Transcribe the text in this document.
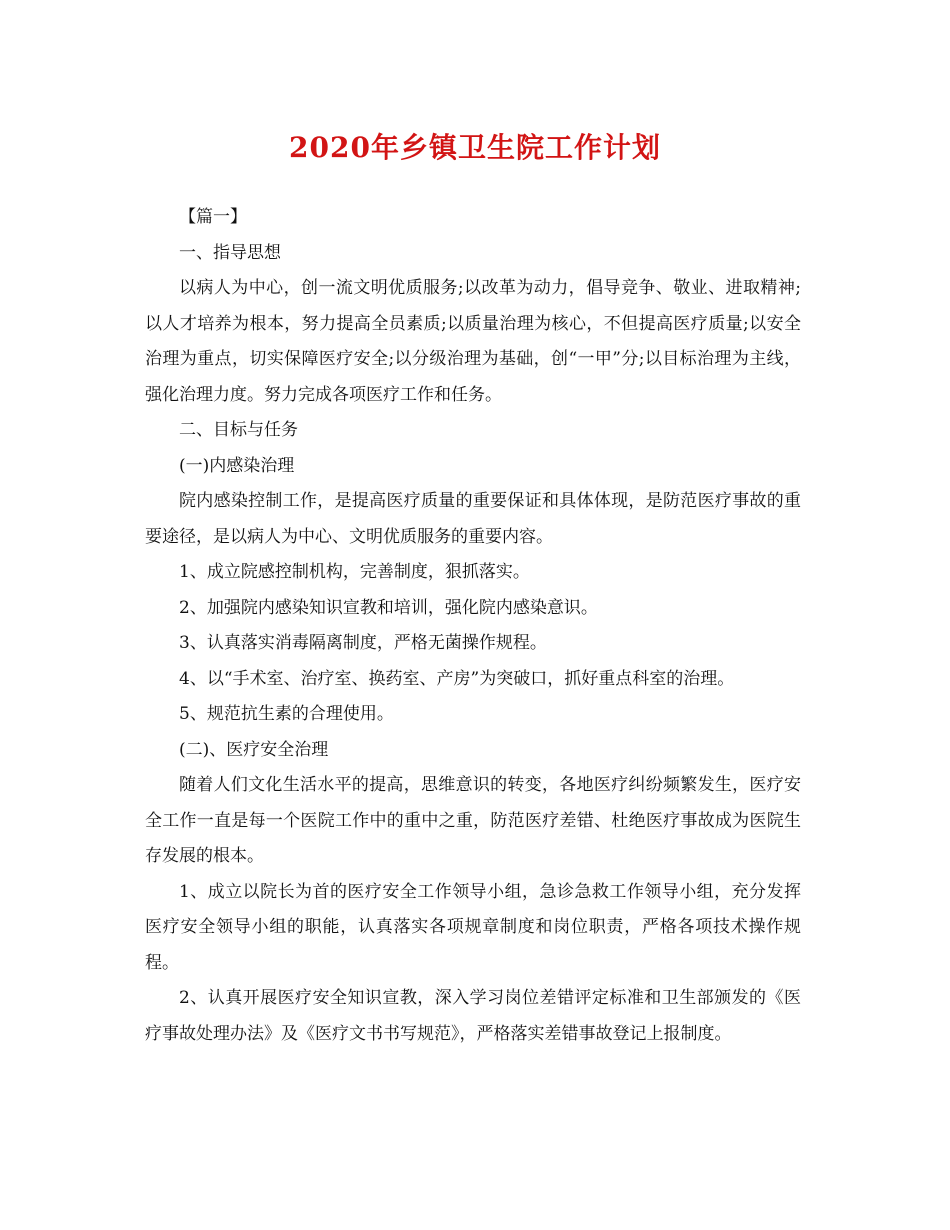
2020年乡镇卫生院工作计划

【篇一】

一、指导思想

以病人为中心，创一流文明优质服务;以改革为动力，倡导竞争、敬业、进取精神;以人才培养为根本，努力提高全员素质;以质量治理为核心，不但提高医疗质量;以安全治理为重点，切实保障医疗安全;以分级治理为基础，创“一甲”分;以目标治理为主线，强化治理力度。努力完成各项医疗工作和任务。

二、目标与任务

(一)内感染治理

院内感染控制工作，是提高医疗质量的重要保证和具体体现，是防范医疗事故的重要途径，是以病人为中心、文明优质服务的重要内容。

1、成立院感控制机构，完善制度，狠抓落实。

2、加强院内感染知识宣教和培训，强化院内感染意识。

3、认真落实消毒隔离制度，严格无菌操作规程。

4、以“手术室、治疗室、换药室、产房”为突破口，抓好重点科室的治理。

5、规范抗生素的合理使用。

(二)、医疗安全治理

随着人们文化生活水平的提高，思维意识的转变，各地医疗纠纷频繁发生，医疗安全工作一直是每一个医院工作中的重中之重，防范医疗差错、杜绝医疗事故成为医院生存发展的根本。

1、成立以院长为首的医疗安全工作领导小组，急诊急救工作领导小组，充分发挥医疗安全领导小组的职能，认真落实各项规章制度和岗位职责，严格各项技术操作规程。

2、认真开展医疗安全知识宣教，深入学习岗位差错评定标准和卫生部颁发的《医疗事故处理办法》及《医疗文书书写规范》，严格落实差错事故登记上报制度。
